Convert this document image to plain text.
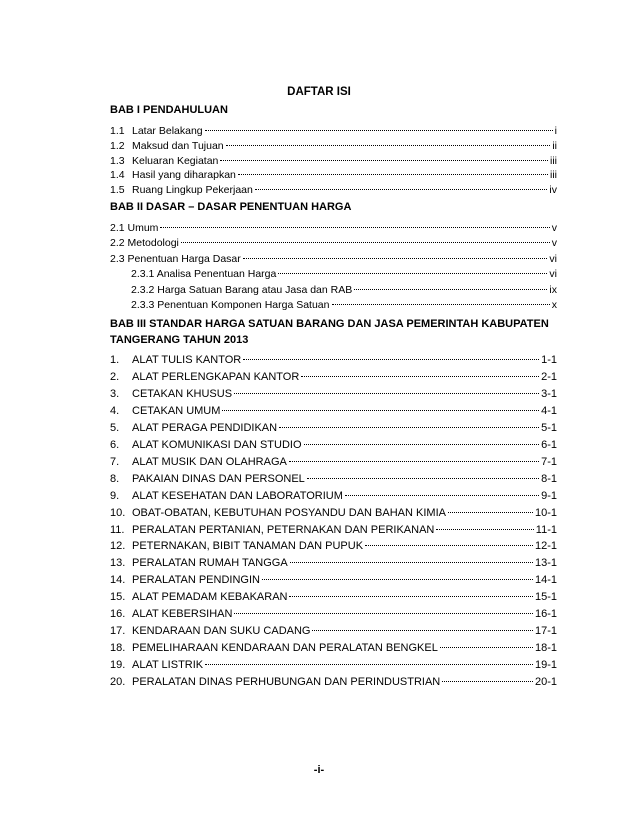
DAFTAR ISI
BAB I PENDAHULUAN
1.1 Latar Belakang	i
1.2 Maksud dan Tujuan	ii
1.3 Keluaran Kegiatan	iii
1.4 Hasil yang diharapkan	iii
1.5 Ruang Lingkup Pekerjaan	iv
BAB II DASAR – DASAR PENENTUAN HARGA
2.1 Umum	v
2.2 Metodologi	v
2.3 Penentuan Harga Dasar	vi
2.3.1 Analisa Penentuan Harga	vi
2.3.2 Harga Satuan Barang atau Jasa dan RAB	ix
2.3.3 Penentuan Komponen Harga Satuan	x
BAB III STANDAR HARGA SATUAN BARANG DAN JASA PEMERINTAH KABUPATEN
TANGERANG TAHUN 2013
1.	ALAT TULIS KANTOR	1-1
2.	ALAT PERLENGKAPAN KANTOR	2-1
3.	CETAKAN KHUSUS	3-1
4.	CETAKAN UMUM	4-1
5.	ALAT PERAGA PENDIDIKAN	5-1
6.	ALAT KOMUNIKASI DAN STUDIO	6-1
7.	ALAT MUSIK DAN OLAHRAGA	7-1
8.	PAKAIAN DINAS DAN PERSONEL	8-1
9.	ALAT KESEHATAN DAN LABORATORIUM	9-1
10. OBAT-OBATAN, KEBUTUHAN POSYANDU DAN BAHAN KIMIA	10-1
11. PERALATAN PERTANIAN, PETERNAKAN DAN PERIKANAN	11-1
12. PETERNAKAN, BIBIT TANAMAN DAN PUPUK	12-1
13. PERALATAN RUMAH TANGGA	13-1
14. PERALATAN PENDINGIN	14-1
15. ALAT PEMADAM KEBAKARAN	15-1
16. ALAT KEBERSIHAN	16-1
17. KENDARAAN DAN SUKU CADANG	17-1
18. PEMELIHARAAN KENDARAAN DAN PERALATAN BENGKEL	18-1
19. ALAT LISTRIK	19-1
20. PERALATAN DINAS PERHUBUNGAN DAN PERINDUSTRIAN	20-1
-i-
